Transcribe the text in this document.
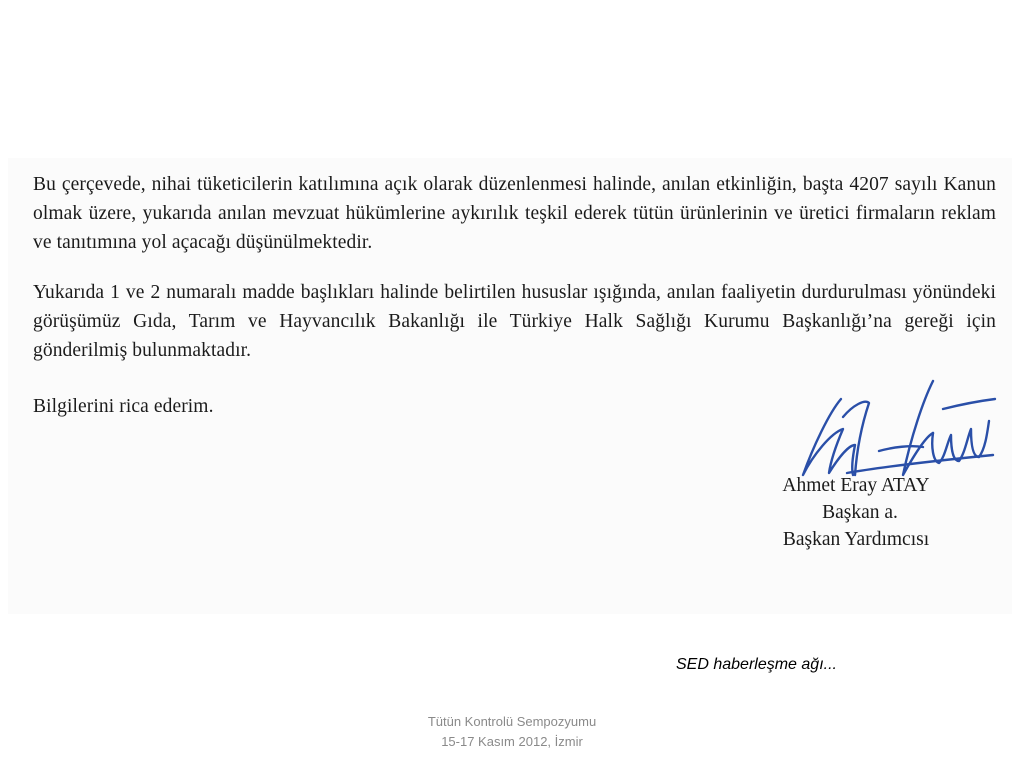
Bu çerçevede, nihai tüketicilerin katılımına açık olarak düzenlenmesi halinde, anılan etkinliğin, başta 4207 sayılı Kanun olmak üzere, yukarıda anılan mevzuat hükümlerine aykırılık teşkil ederek tütün ürünlerinin ve üretici firmaların reklam ve tanıtımına yol açacağı düşünülmektedir.

Yukarıda 1 ve 2 numaralı madde başlıkları halinde belirtilen hususlar ışığında, anılan faaliyetin durdurulması yönündeki görüşümüz Gıda, Tarım ve Hayvancılık Bakanlığı ile Türkiye Halk Sağlığı Kurumu Başkanlığı’na gereği için gönderilmiş bulunmaktadır.

Bilgilerini rica ederim.

Ahmet Eray ATAY
Başkan a.
Başkan Yardımcısı
SED haberleşme ağı...
Tütün Kontrolü Sempozyumu
15-17 Kasım 2012, İzmir
